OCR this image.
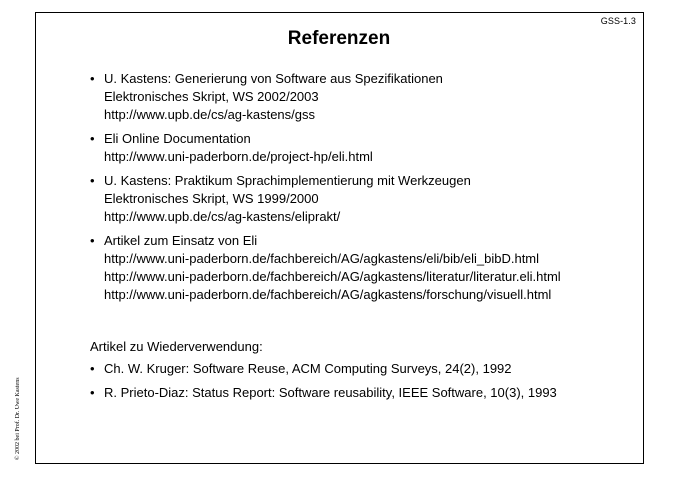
GSS-1.3
Referenzen
• U. Kastens: Generierung von Software aus Spezifikationen
Elektronisches Skript, WS 2002/2003
http://www.upb.de/cs/ag-kastens/gss
• Eli Online Documentation
http://www.uni-paderborn.de/project-hp/eli.html
• U. Kastens: Praktikum Sprachimplementierung mit Werkzeugen
Elektronisches Skript, WS 1999/2000
http://www.upb.de/cs/ag-kastens/eliprakt/
• Artikel zum Einsatz von Eli
http://www.uni-paderborn.de/fachbereich/AG/agkastens/eli/bib/eli_bibD.html
http://www.uni-paderborn.de/fachbereich/AG/agkastens/literatur/literatur.eli.html
http://www.uni-paderborn.de/fachbereich/AG/agkastens/forschung/visuell.html
Artikel zu Wiederverwendung:
• Ch. W. Kruger: Software Reuse, ACM Computing Surveys, 24(2), 1992
• R. Prieto-Diaz: Status Report: Software reusability, IEEE Software, 10(3), 1993
© 2002 bei Prof. Dr. Uwe Kastens
